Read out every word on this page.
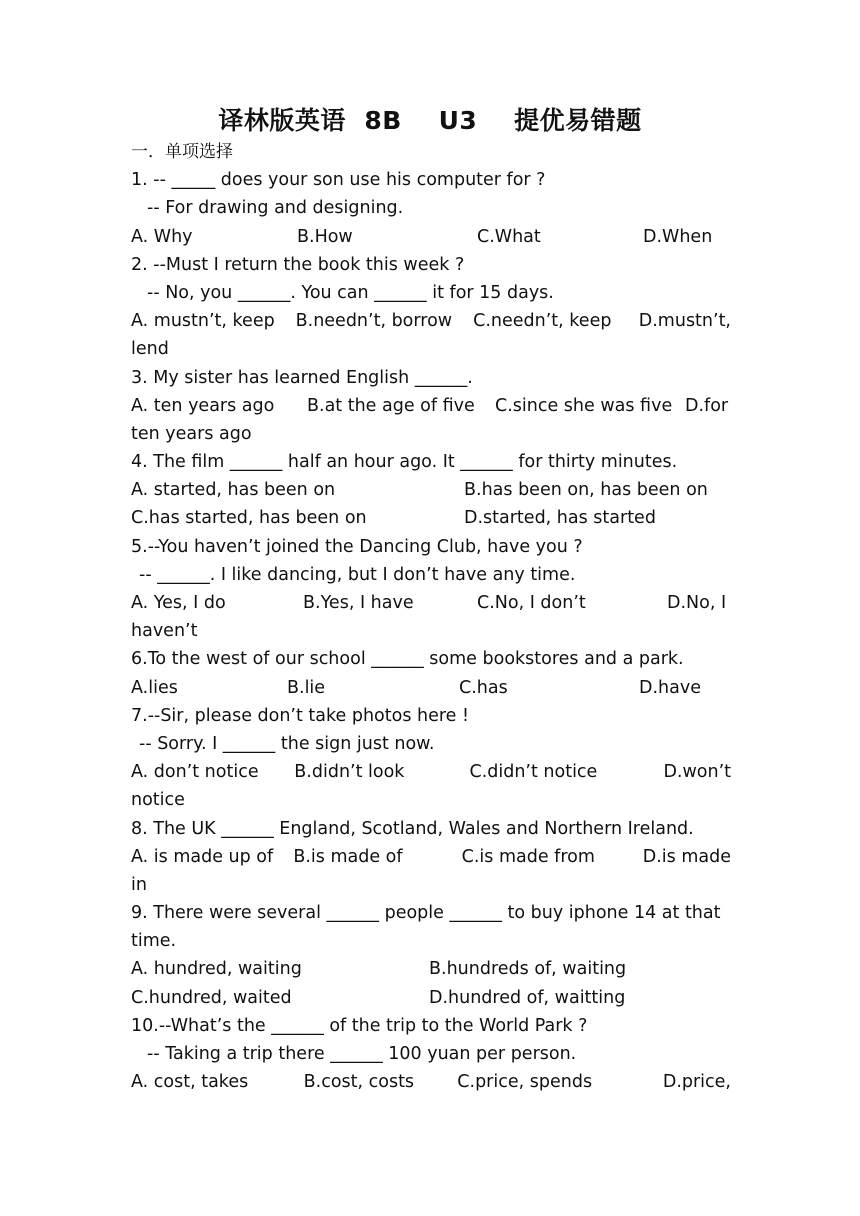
译林版英语  8B    U3    提优易错题
一．单项选择
1. -- _____ does your son use his computer for ?
-- For drawing and designing.
A. Why	B.How	C.What	D.When
2. --Must I return the book this week ?
-- No, you ______. You can ______ it for 15 days.
A. mustn’t, keep	B.needn’t, borrow	C.needn’t, keep	D.mustn’t,
lend
3. My sister has learned English ______.
A. ten years ago	B.at the age of five	C.since she was five D.for
ten years ago
4. The film ______ half an hour ago. It ______ for thirty minutes.
A. started, has been on	B.has been on, has been on
C.has started, has been on	D.started, has started
5.--You haven’t joined the Dancing Club, have you ?
-- ______. I like dancing, but I don’t have any time.
A. Yes, I do	B.Yes, I have	C.No, I don’t	D.No, I
haven’t
6.To the west of our school ______ some bookstores and a park.
A.lies	B.lie	C.has	D.have
7.--Sir, please don’t take photos here !
-- Sorry. I ______ the sign just now.
A. don’t notice	B.didn’t look	C.didn’t notice	D.won’t
notice
8. The UK ______ England, Scotland, Wales and Northern Ireland.
A. is made up of	B.is made of	C.is made from	D.is made
in
9. There were several ______ people ______ to buy iphone 14 at that
time.
A. hundred, waiting	B.hundreds of, waiting
C.hundred, waited	D.hundred of, waitting
10.--What’s the ______ of the trip to the World Park ?
-- Taking a trip there ______ 100 yuan per person.
A. cost, takes	B.cost, costs	C.price, spends	D.price,
